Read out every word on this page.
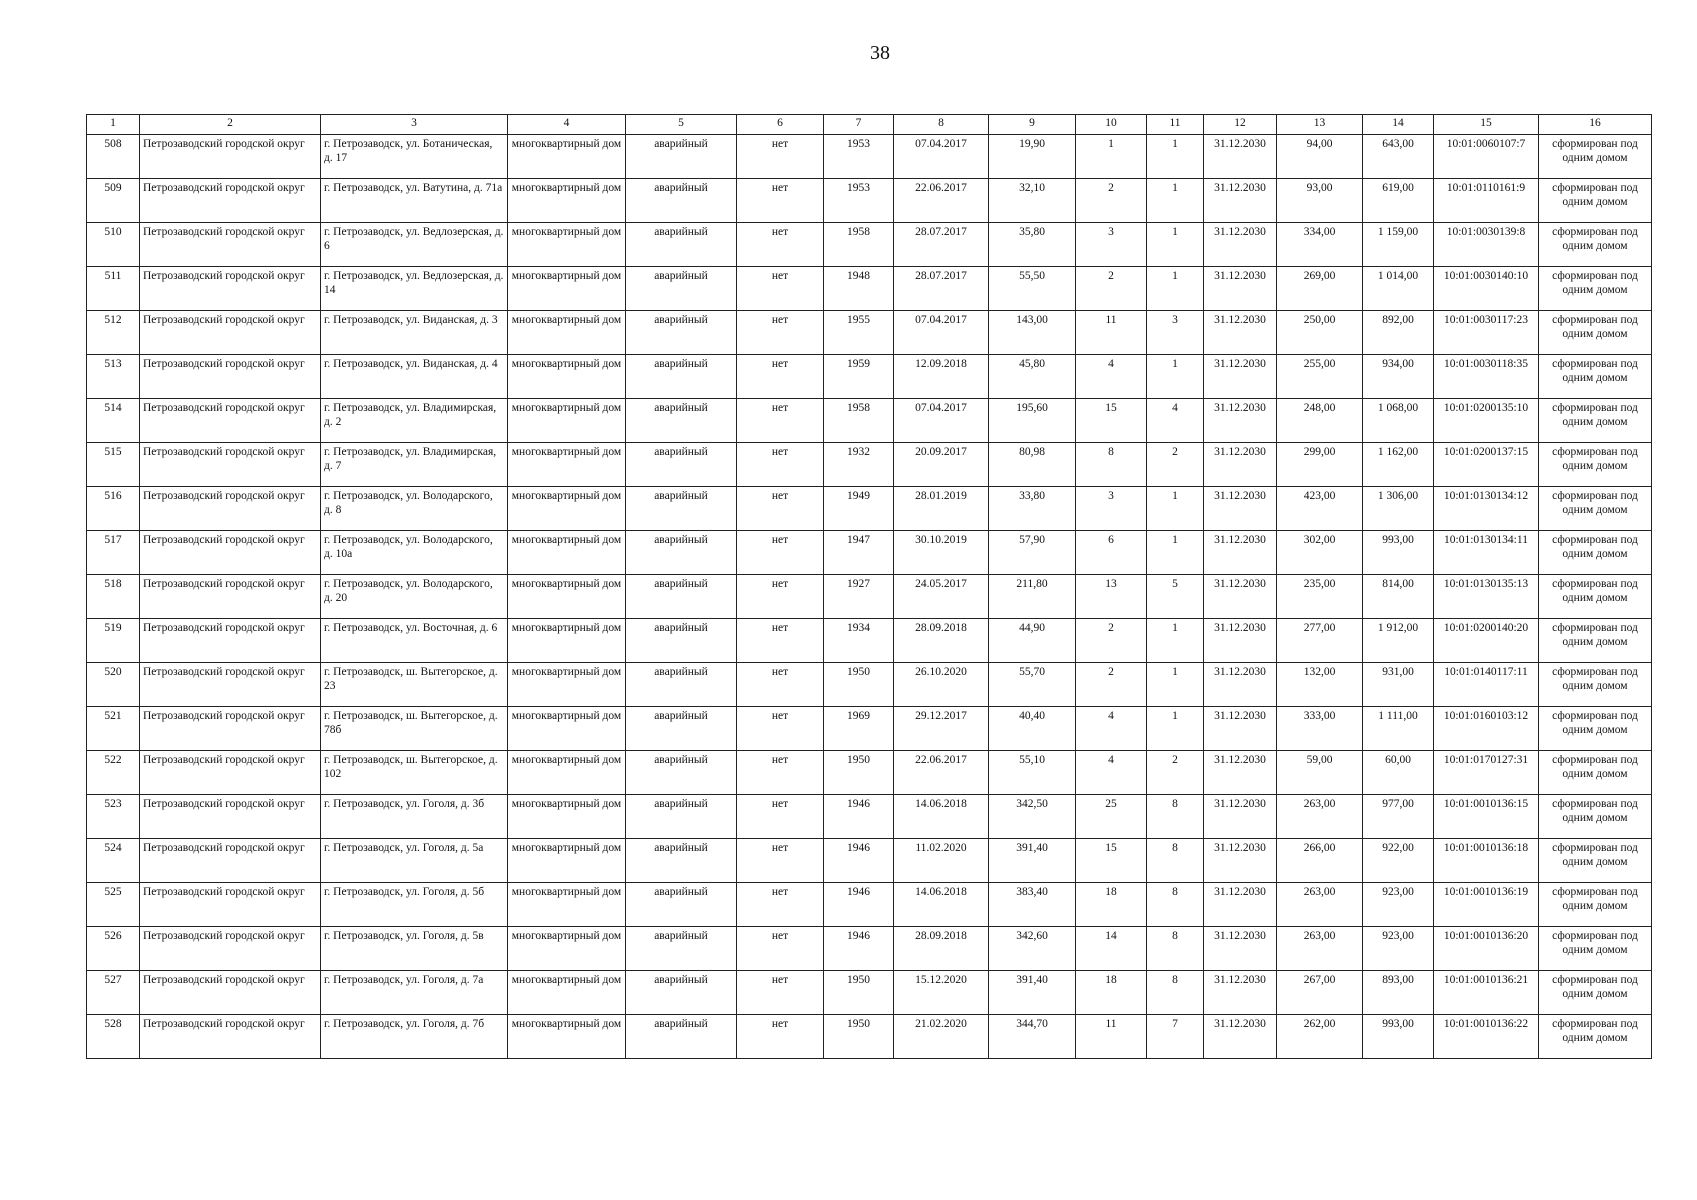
38
1	2	3	4	5	6	7	8	9	10	11	12	13	14	15	16
508	Петрозаводский городской округ	г. Петрозаводск, ул. Ботаническая, д. 17	многоквартирный дом	аварийный	нет	1953	07.04.2017	19,90	1	1	31.12.2030	94,00	643,00	10:01:0060107:7	сформирован под одним домом
509	Петрозаводский городской округ	г. Петрозаводск, ул. Ватутина, д. 71а	многоквартирный дом	аварийный	нет	1953	22.06.2017	32,10	2	1	31.12.2030	93,00	619,00	10:01:0110161:9	сформирован под одним домом
510	Петрозаводский городской округ	г. Петрозаводск, ул. Ведлозерская, д. 6	многоквартирный дом	аварийный	нет	1958	28.07.2017	35,80	3	1	31.12.2030	334,00	1 159,00	10:01:0030139:8	сформирован под одним домом
511	Петрозаводский городской округ	г. Петрозаводск, ул. Ведлозерская, д. 14	многоквартирный дом	аварийный	нет	1948	28.07.2017	55,50	2	1	31.12.2030	269,00	1 014,00	10:01:0030140:10	сформирован под одним домом
512	Петрозаводский городской округ	г. Петрозаводск, ул. Виданская, д. 3	многоквартирный дом	аварийный	нет	1955	07.04.2017	143,00	11	3	31.12.2030	250,00	892,00	10:01:0030117:23	сформирован под одним домом
513	Петрозаводский городской округ	г. Петрозаводск, ул. Виданская, д. 4	многоквартирный дом	аварийный	нет	1959	12.09.2018	45,80	4	1	31.12.2030	255,00	934,00	10:01:0030118:35	сформирован под одним домом
514	Петрозаводский городской округ	г. Петрозаводск, ул. Владимирская, д. 2	многоквартирный дом	аварийный	нет	1958	07.04.2017	195,60	15	4	31.12.2030	248,00	1 068,00	10:01:0200135:10	сформирован под одним домом
515	Петрозаводский городской округ	г. Петрозаводск, ул. Владимирская, д. 7	многоквартирный дом	аварийный	нет	1932	20.09.2017	80,98	8	2	31.12.2030	299,00	1 162,00	10:01:0200137:15	сформирован под одним домом
516	Петрозаводский городской округ	г. Петрозаводск, ул. Володарского, д. 8	многоквартирный дом	аварийный	нет	1949	28.01.2019	33,80	3	1	31.12.2030	423,00	1 306,00	10:01:0130134:12	сформирован под одним домом
517	Петрозаводский городской округ	г. Петрозаводск, ул. Володарского, д. 10а	многоквартирный дом	аварийный	нет	1947	30.10.2019	57,90	6	1	31.12.2030	302,00	993,00	10:01:0130134:11	сформирован под одним домом
518	Петрозаводский городской округ	г. Петрозаводск, ул. Володарского, д. 20	многоквартирный дом	аварийный	нет	1927	24.05.2017	211,80	13	5	31.12.2030	235,00	814,00	10:01:0130135:13	сформирован под одним домом
519	Петрозаводский городской округ	г. Петрозаводск, ул. Восточная, д. 6	многоквартирный дом	аварийный	нет	1934	28.09.2018	44,90	2	1	31.12.2030	277,00	1 912,00	10:01:0200140:20	сформирован под одним домом
520	Петрозаводский городской округ	г. Петрозаводск, ш. Вытегорское, д. 23	многоквартирный дом	аварийный	нет	1950	26.10.2020	55,70	2	1	31.12.2030	132,00	931,00	10:01:0140117:11	сформирован под одним домом
521	Петрозаводский городской округ	г. Петрозаводск, ш. Вытегорское, д. 78б	многоквартирный дом	аварийный	нет	1969	29.12.2017	40,40	4	1	31.12.2030	333,00	1 111,00	10:01:0160103:12	сформирован под одним домом
522	Петрозаводский городской округ	г. Петрозаводск, ш. Вытегорское, д. 102	многоквартирный дом	аварийный	нет	1950	22.06.2017	55,10	4	2	31.12.2030	59,00	60,00	10:01:0170127:31	сформирован под одним домом
523	Петрозаводский городской округ	г. Петрозаводск, ул. Гоголя, д. 3б	многоквартирный дом	аварийный	нет	1946	14.06.2018	342,50	25	8	31.12.2030	263,00	977,00	10:01:0010136:15	сформирован под одним домом
524	Петрозаводский городской округ	г. Петрозаводск, ул. Гоголя, д. 5а	многоквартирный дом	аварийный	нет	1946	11.02.2020	391,40	15	8	31.12.2030	266,00	922,00	10:01:0010136:18	сформирован под одним домом
525	Петрозаводский городской округ	г. Петрозаводск, ул. Гоголя, д. 5б	многоквартирный дом	аварийный	нет	1946	14.06.2018	383,40	18	8	31.12.2030	263,00	923,00	10:01:0010136:19	сформирован под одним домом
526	Петрозаводский городской округ	г. Петрозаводск, ул. Гоголя, д. 5в	многоквартирный дом	аварийный	нет	1946	28.09.2018	342,60	14	8	31.12.2030	263,00	923,00	10:01:0010136:20	сформирован под одним домом
527	Петрозаводский городской округ	г. Петрозаводск, ул. Гоголя, д. 7а	многоквартирный дом	аварийный	нет	1950	15.12.2020	391,40	18	8	31.12.2030	267,00	893,00	10:01:0010136:21	сформирован под одним домом
528	Петрозаводский городской округ	г. Петрозаводск, ул. Гоголя, д. 7б	многоквартирный дом	аварийный	нет	1950	21.02.2020	344,70	11	7	31.12.2030	262,00	993,00	10:01:0010136:22	сформирован под одним домом
